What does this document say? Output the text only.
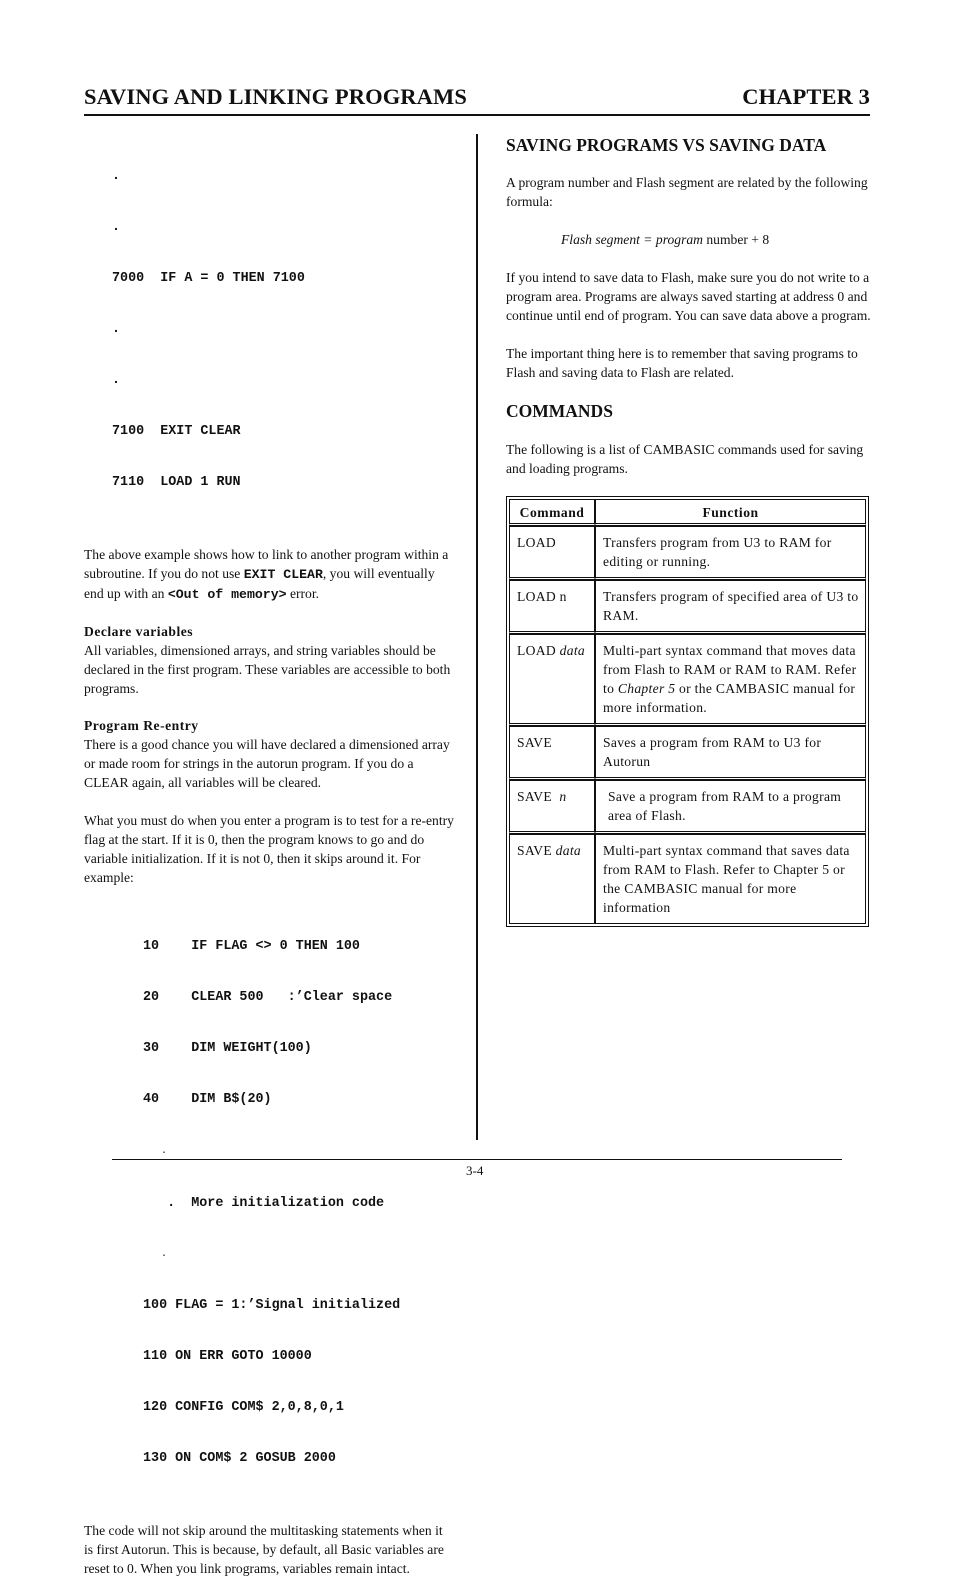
SAVING AND LINKING PROGRAMS	CHAPTER 3

.

.

7000  IF A = 0 THEN 7100

.

.

7100  EXIT CLEAR

7110  LOAD 1 RUN

The above example shows how to link to another program within a subroutine. If you do not use EXIT CLEAR, you will eventually end up with an <Out of memory> error.

Declare variables

All variables, dimensioned arrays, and string variables should be declared in the first program. These variables are accessible to both programs.

Program Re-entry

There is a good chance you will have declared a dimensioned array or made room for strings in the autorun program. If you do a CLEAR again, all variables will be cleared.

What you must do when you enter a program is to test for a re-entry flag at the start. If it is 0, then the program knows to go and do variable initialization. If it is not 0, then it skips around it. For example:

10    IF FLAG <> 0 THEN 100

20    CLEAR 500   :’Clear space

30    DIM WEIGHT(100)

40    DIM B$(20)

.

.  More initialization code

.

100 FLAG = 1:’Signal initialized

110 ON ERR GOTO 10000

120 CONFIG COM$ 2,0,8,0,1

130 ON COM$ 2 GOSUB 2000

The code will not skip around the multitasking statements when it is first Autorun. This is because, by default, all Basic variables are reset to 0. When you link programs, variables remain intact.

SAVING PROGRAMS VS SAVING DATA

A program number and Flash segment are related by the following formula:

Flash segment = program number + 8

If you intend to save data to Flash, make sure you do not write to a program area. Programs are always saved starting at address 0 and continue until end of program. You can save data above a program.

The important thing here is to remember that saving programs to Flash and saving data to Flash are related.

COMMANDS

The following is a list of CAMBASIC commands used for saving and loading programs.

Command	Function
LOAD	Transfers program from U3 to RAM for editing or running.
LOAD n	Transfers program of specified area of U3 to RAM.
LOAD data	Multi-part syntax command that moves data from Flash to RAM or RAM to RAM. Refer to Chapter 5 or the CAMBASIC manual for more information.
SAVE	Saves a program from RAM to U3 for Autorun
SAVE  n	Save a program from RAM to a program area of Flash.
SAVE data	Multi-part syntax command that saves data from RAM to Flash. Refer to Chapter 5 or the CAMBASIC manual for more information
3-4
